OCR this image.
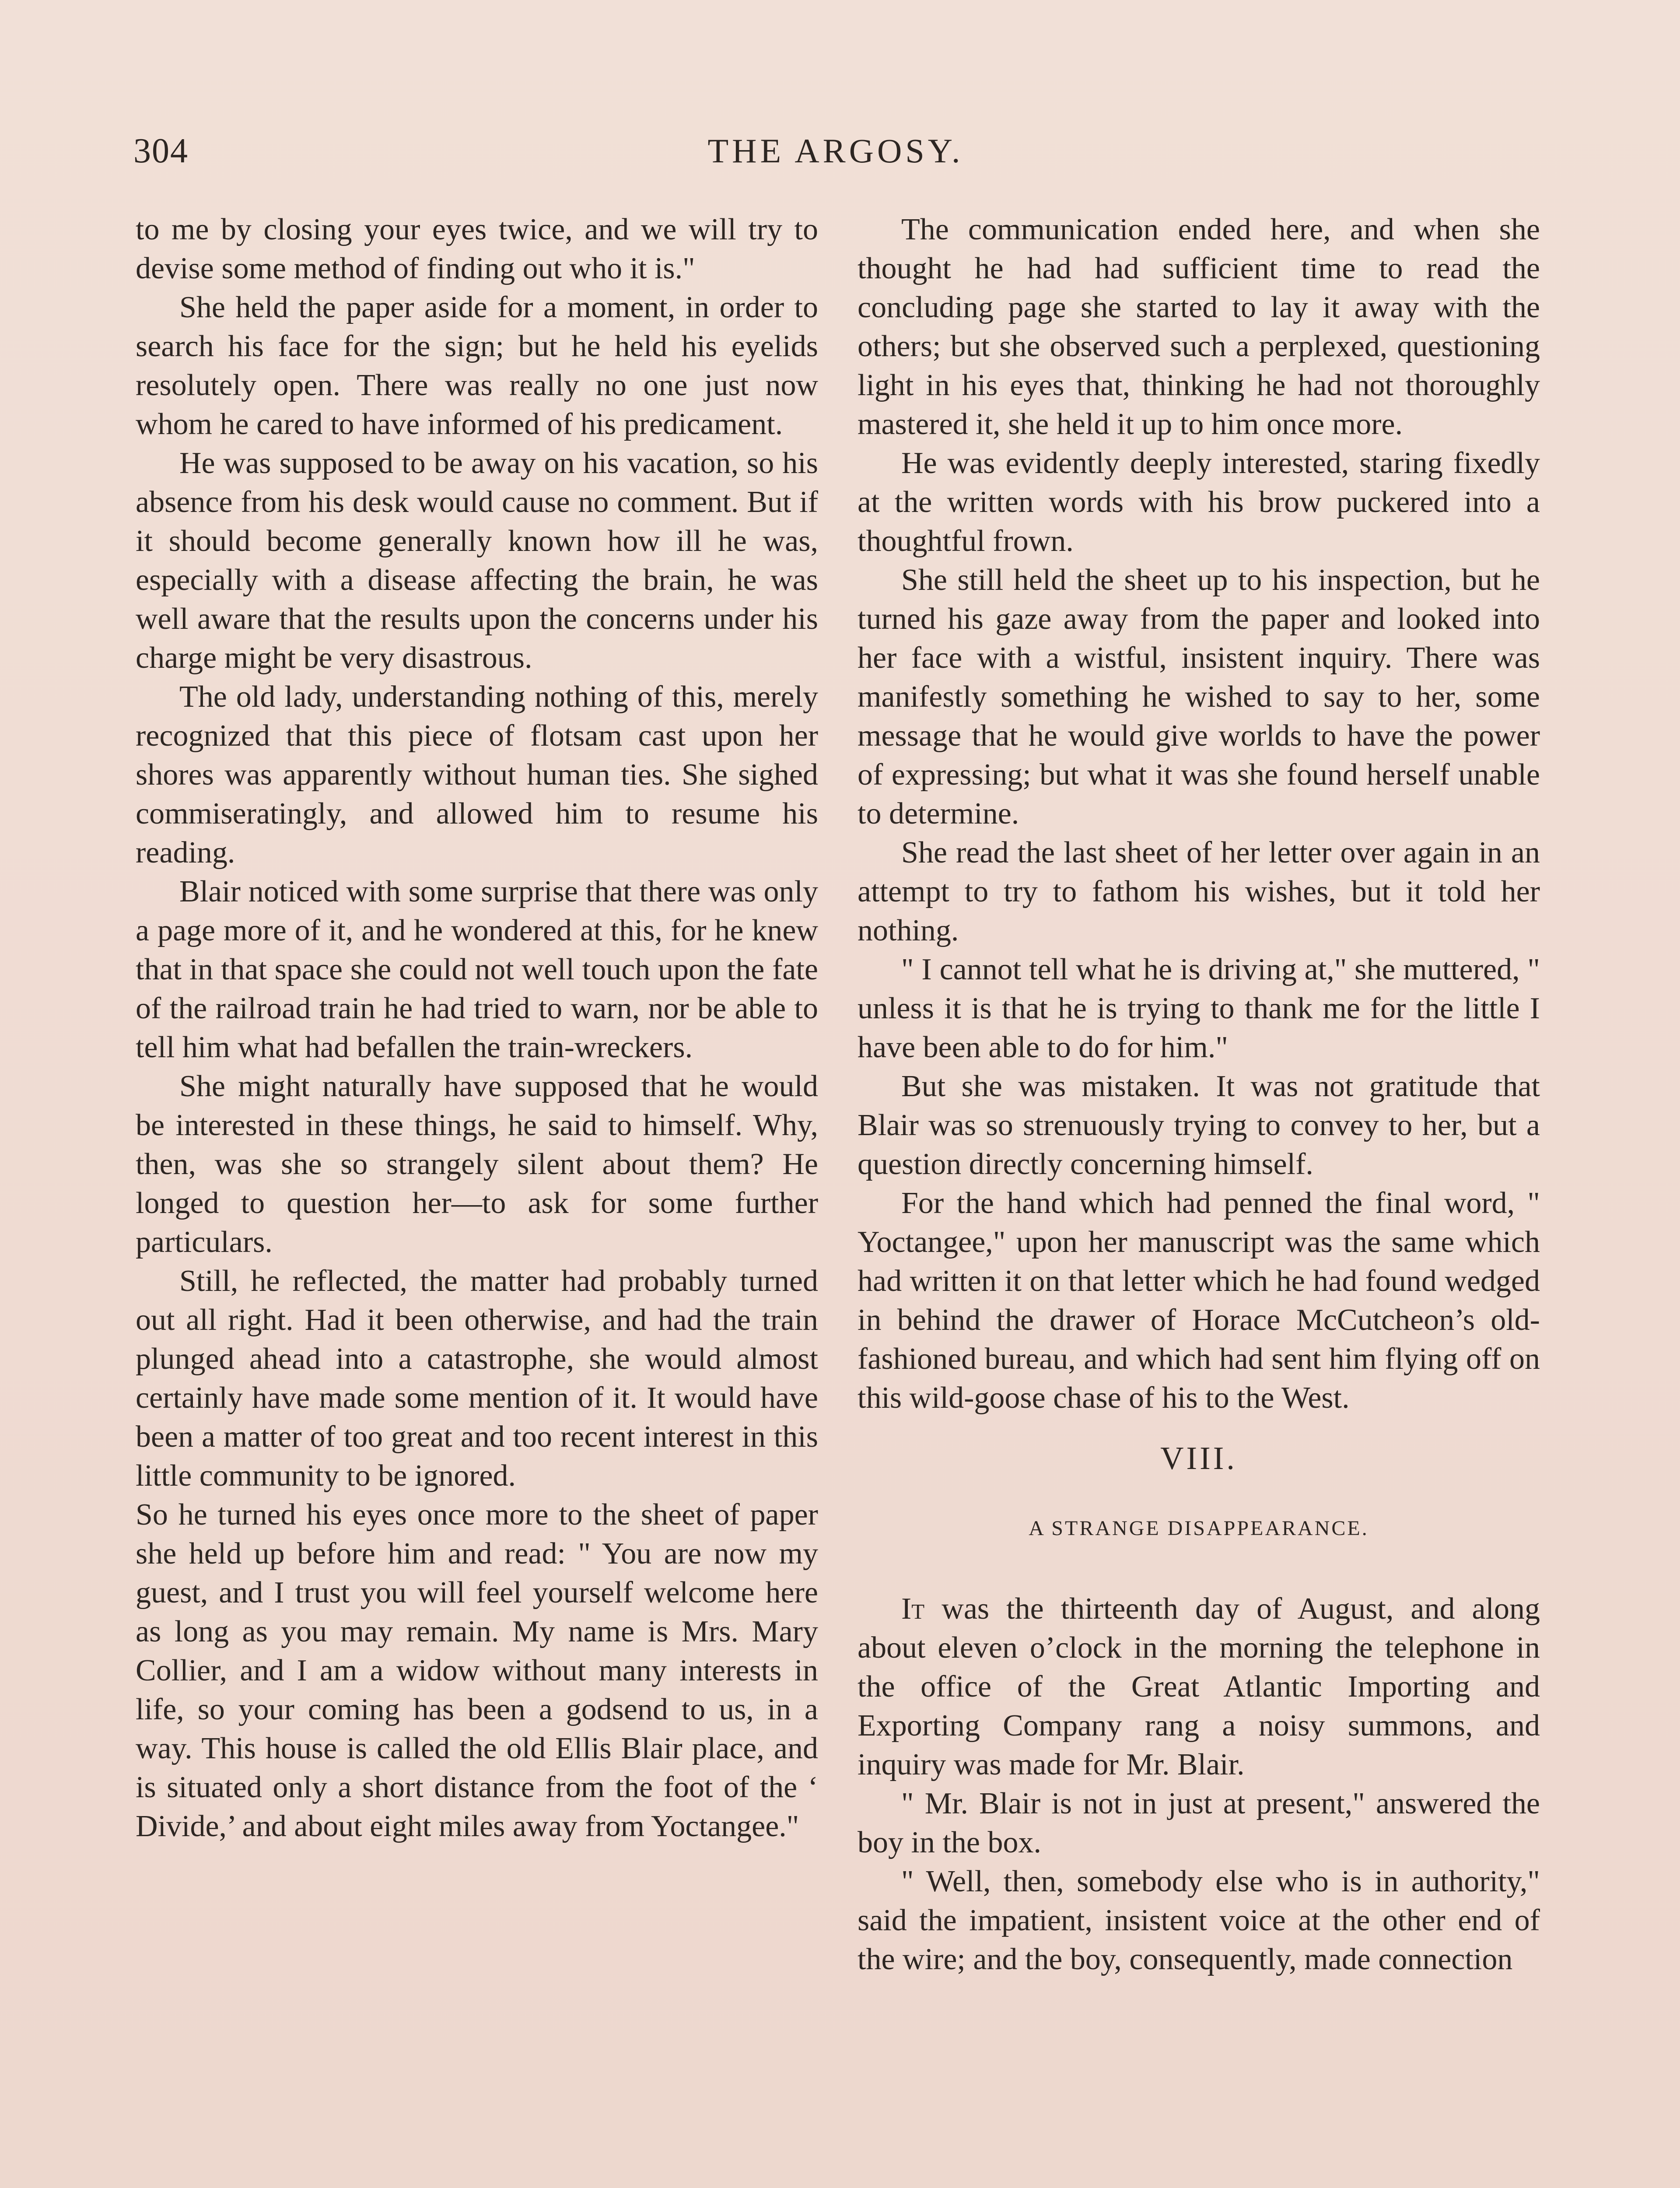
304	THE ARGOSY.

to me by closing your eyes twice, and we will try to devise some method of finding out who it is."

She held the paper aside for a moment, in order to search his face for the sign; but he held his eyelids resolutely open. There was really no one just now whom he cared to have informed of his predicament.

He was supposed to be away on his vacation, so his absence from his desk would cause no comment. But if it should become generally known how ill he was, especially with a disease affecting the brain, he was well aware that the results upon the concerns under his charge might be very disastrous.

The old lady, understanding nothing of this, merely recognized that this piece of flotsam cast upon her shores was apparently without human ties. She sighed commiseratingly, and allowed him to resume his reading.

Blair noticed with some surprise that there was only a page more of it, and he wondered at this, for he knew that in that space she could not well touch upon the fate of the railroad train he had tried to warn, nor be able to tell him what had befallen the train-wreckers.

She might naturally have supposed that he would be interested in these things, he said to himself. Why, then, was she so strangely silent about them? He longed to question her—to ask for some further particulars.

Still, he reflected, the matter had probably turned out all right. Had it been otherwise, and had the train plunged ahead into a catastrophe, she would almost certainly have made some mention of it. It would have been a matter of too great and too recent interest in this little community to be ignored.

So he turned his eyes once more to the sheet of paper she held up before him and read: " You are now my guest, and I trust you will feel yourself welcome here as long as you may remain. My name is Mrs. Mary Collier, and I am a widow without many interests in life, so your coming has been a godsend to us, in a way. This house is called the old Ellis Blair place, and is situated only a short distance from the foot of the ‘ Divide,’ and about eight miles away from Yoctangee."

The communication ended here, and when she thought he had had sufficient time to read the concluding page she started to lay it away with the others; but she observed such a perplexed, questioning light in his eyes that, thinking he had not thoroughly mastered it, she held it up to him once more.

He was evidently deeply interested, staring fixedly at the written words with his brow puckered into a thoughtful frown.

She still held the sheet up to his inspection, but he turned his gaze away from the paper and looked into her face with a wistful, insistent inquiry. There was manifestly something he wished to say to her, some message that he would give worlds to have the power of expressing; but what it was she found herself unable to determine.

She read the last sheet of her letter over again in an attempt to try to fathom his wishes, but it told her nothing.

" I cannot tell what he is driving at," she muttered, " unless it is that he is trying to thank me for the little I have been able to do for him."

But she was mistaken. It was not gratitude that Blair was so strenuously trying to convey to her, but a question directly concerning himself.

For the hand which had penned the final word, " Yoctangee," upon her manuscript was the same which had written it on that letter which he had found wedged in behind the drawer of Horace McCutcheon’s old-fashioned bureau, and which had sent him flying off on this wild-goose chase of his to the West.

VIII.

A STRANGE DISAPPEARANCE.

It was the thirteenth day of August, and along about eleven o’clock in the morning the telephone in the office of the Great Atlantic Importing and Exporting Company rang a noisy summons, and inquiry was made for Mr. Blair.

" Mr. Blair is not in just at present," answered the boy in the box.

" Well, then, somebody else who is in authority," said the impatient, insistent voice at the other end of the wire; and the boy, consequently, made connection
